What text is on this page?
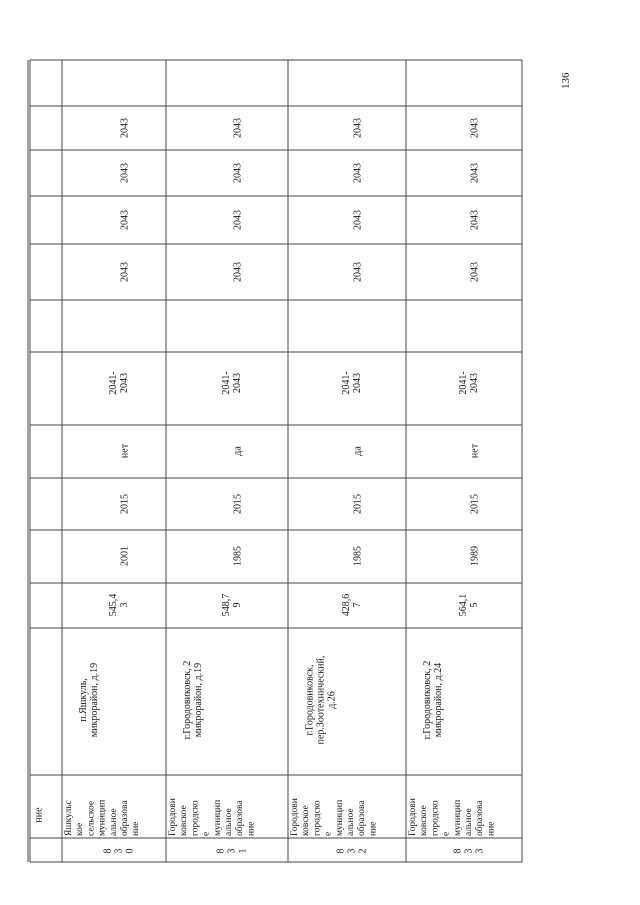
136
ние
2043
2043
2043
2043
2041-2043
нет
2015
2001
545,43
п.Яшкуль,микрорайон, д.19
Яшкульскоесельскоемуниципальноеобразование
830
2043
2043
2043
2043
2041-2043
да
2015
1985
548,79
г.Городовиковск, 2микрорайон, д.19
Городовиковскоегородскоемуниципальноеобразование
831
2043
2043
2043
2043
2041-2043
да
2015
1985
428,67
г.Городовиковск,пер.Зоотехнический,д.26
Городовиковскоегородскоемуниципальноеобразование
832
2043
2043
2043
2043
2041-2043
нет
2015
1989
564,15
г.Городовиковск, 2микрорайон, д.24
Городовиковскоегородскоемуниципальноеобразование
833
